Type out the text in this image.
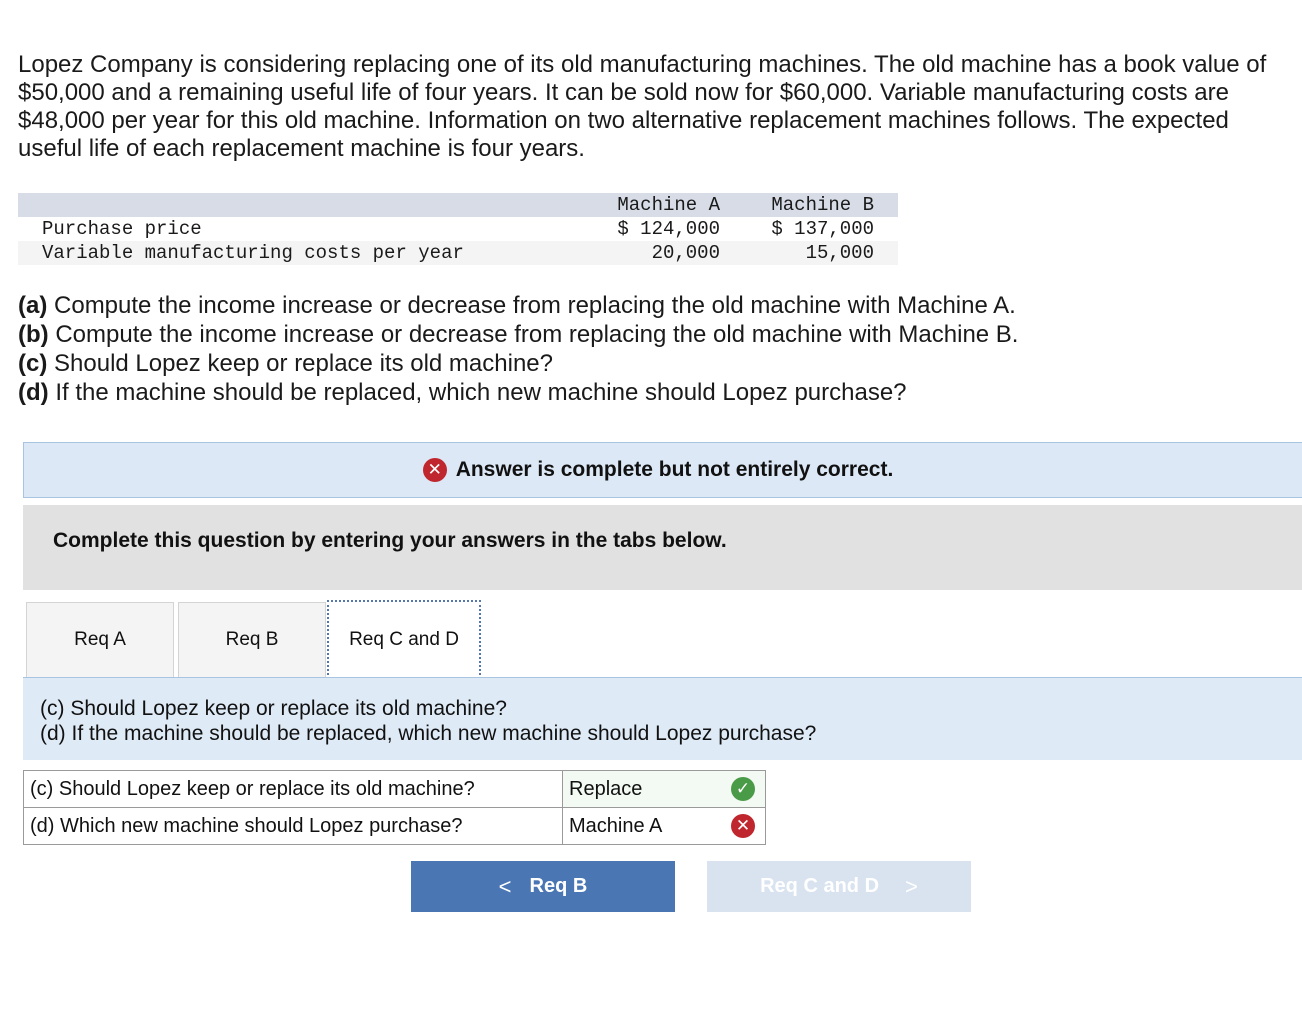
Lopez Company is considering replacing one of its old manufacturing machines. The old machine has a book value of $50,000 and a remaining useful life of four years. It can be sold now for $60,000. Variable manufacturing costs are $48,000 per year for this old machine. Information on two alternative replacement machines follows. The expected useful life of each replacement machine is four years.
	Machine A	Machine B
Purchase price	$ 124,000	$ 137,000
Variable manufacturing costs per year	20,000	15,000
(a) Compute the income increase or decrease from replacing the old machine with Machine A.
(b) Compute the income increase or decrease from replacing the old machine with Machine B.
(c) Should Lopez keep or replace its old machine?
(d) If the machine should be replaced, which new machine should Lopez purchase?
✕ Answer is complete but not entirely correct.
Complete this question by entering your answers in the tabs below.
Req A	Req B	Req C and D
(c) Should Lopez keep or replace its old machine?
(d) If the machine should be replaced, which new machine should Lopez purchase?
(c) Should Lopez keep or replace its old machine?	Replace✓

(d) Which new machine should Lopez purchase?	Machine A✕
< Req B	Req C and D >
